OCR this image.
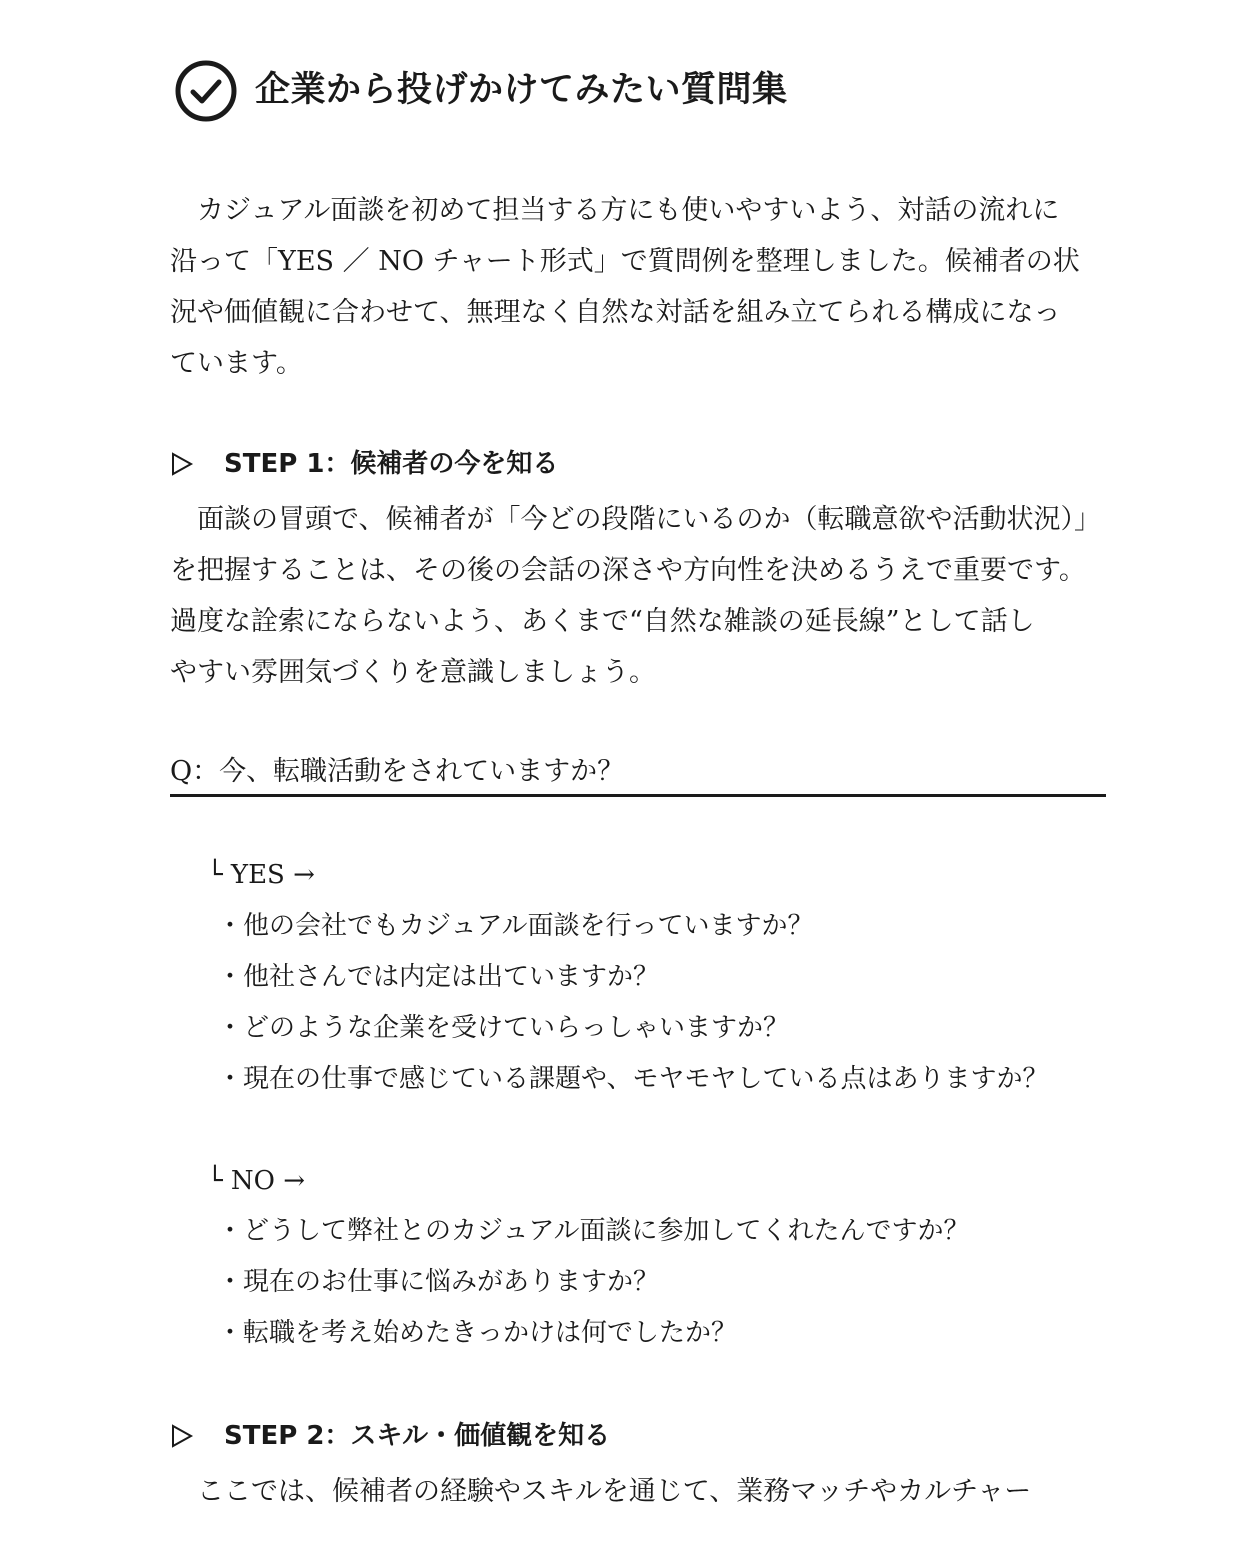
企業から投げかけてみたい質問集
　カジュアル面談を初めて担当する方にも使いやすいよう、対話の流れに
沿って「YES ／ NO チャート形式」で質問例を整理しました。候補者の状
況や価値観に合わせて、無理なく自然な対話を組み立てられる構成になっ
ています。
STEP 1：候補者の今を知る
　面談の冒頭で、候補者が「今どの段階にいるのか（転職意欲や活動状況）」
を把握することは、その後の会話の深さや方向性を決めるうえで重要です。
過度な詮索にならないよう、あくまで“自然な雑談の延長線”として話し
やすい雰囲気づくりを意識しましょう。
Q：今、転職活動をされていますか？
└ YES →
・他の会社でもカジュアル面談を行っていますか？
・他社さんでは内定は出ていますか？
・どのような企業を受けていらっしゃいますか？
・現在の仕事で感じている課題や、モヤモヤしている点はありますか？
└ NO →
・どうして弊社とのカジュアル面談に参加してくれたんですか？
・現在のお仕事に悩みがありますか？
・転職を考え始めたきっかけは何でしたか？
STEP 2：スキル・価値観を知る
　ここでは、候補者の経験やスキルを通じて、業務マッチやカルチャー
